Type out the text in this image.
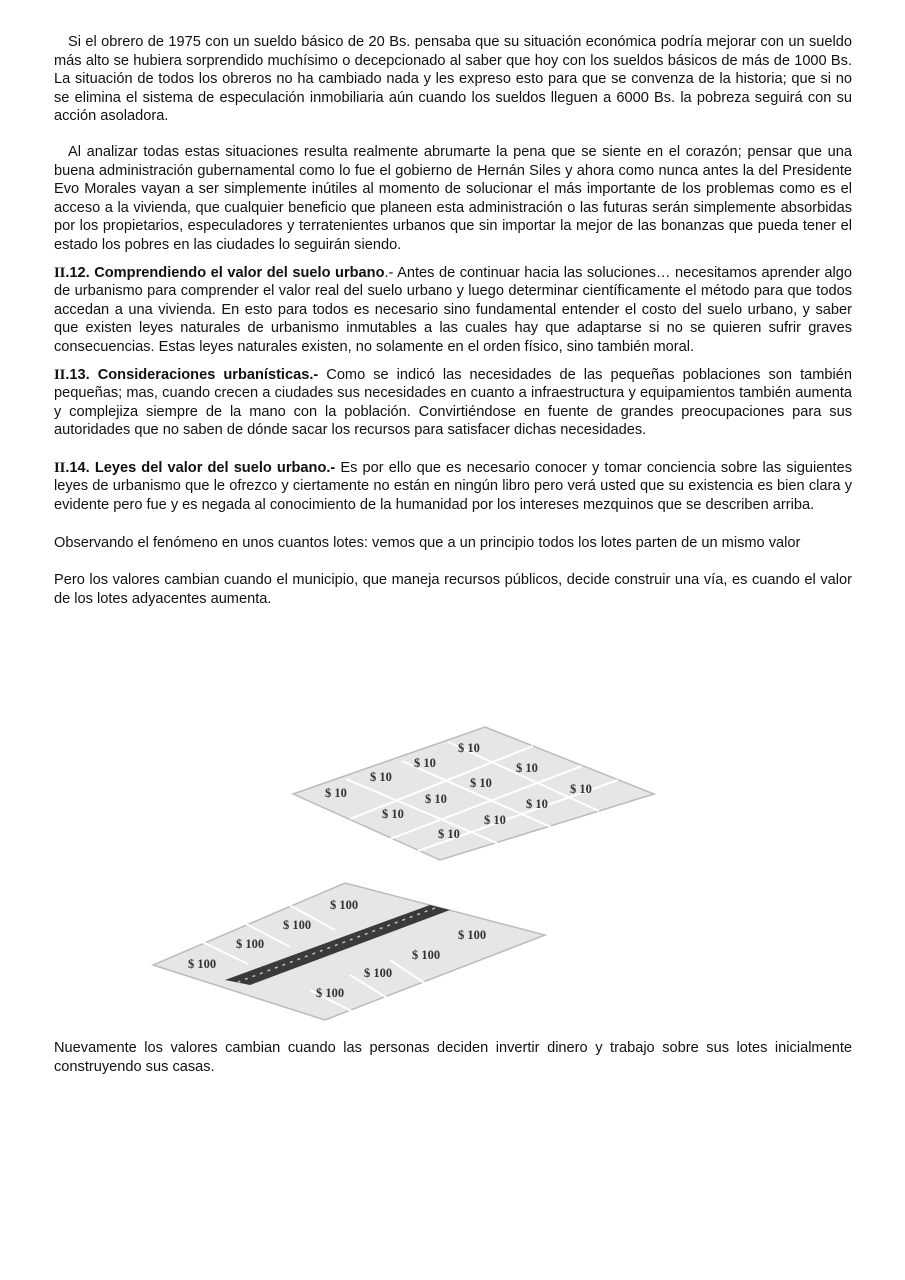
Si el obrero de 1975 con un sueldo básico de 20 Bs. pensaba que su situación económica podría mejorar con un sueldo más alto se hubiera sorprendido muchísimo o decepcionado al saber que hoy con los sueldos básicos de más de 1000 Bs. La situación de todos los obreros no ha cambiado nada y les expreso esto para que se convenza de la historia; que si no se elimina el sistema de especulación inmobiliaria aún cuando los sueldos lleguen a 6000 Bs. la pobreza seguirá con su acción asoladora.

Al analizar todas estas situaciones resulta realmente abrumarte la pena que se siente en el corazón; pensar que una buena administración gubernamental como lo fue el gobierno de Hernán Siles y ahora como nunca antes la del Presidente Evo Morales vayan a ser simplemente inútiles al momento de solucionar el más importante de los problemas como es el acceso a la vivienda, que cualquier beneficio que planeen esta administración o las futuras serán simplemente absorbidas por los propietarios, especuladores y terratenientes urbanos que sin importar la mejor de las bonanzas que pueda tener el estado los pobres en las ciudades lo seguirán siendo.

II.12. Comprendiendo el valor del suelo urbano.- Antes de continuar hacia las soluciones… necesitamos aprender algo de urbanismo para comprender el valor real del suelo urbano y luego determinar científicamente el método para que todos accedan a una vivienda. En esto para todos es necesario sino fundamental entender el costo del suelo urbano, y saber que existen leyes naturales de urbanismo inmutables a las cuales hay que adaptarse si no se quieren sufrir graves consecuencias. Estas leyes naturales existen, no solamente en el orden físico, sino también moral.

II.13. Consideraciones urbanísticas.- Como se indicó las necesidades de las pequeñas poblaciones son también pequeñas; mas, cuando crecen a ciudades sus necesidades en cuanto a infraestructura y equipamientos también aumenta y complejiza siempre de la mano con la población. Convirtiéndose en fuente de grandes preocupaciones para sus autoridades que no saben de dónde sacar los recursos para satisfacer dichas necesidades.

II.14. Leyes del valor del suelo urbano.- Es por ello que es necesario conocer y tomar conciencia sobre las siguientes leyes de urbanismo que le ofrezco y ciertamente no están en ningún libro pero verá usted que su existencia es bien clara y evidente pero fue y es negada al conocimiento de la humanidad por los intereses mezquinos que se describen arriba.

Observando el fenómeno en unos cuantos lotes: vemos que a un principio todos los lotes parten de un mismo valor

Pero los valores cambian cuando el municipio, que maneja recursos públicos, decide construir una vía, es cuando el valor de los lotes adyacentes aumenta.

$ 10
$ 10	$ 10
$ 10
$ 10
$ 10
$ 10
$ 10
$ 10
$ 10
$ 10
$ 10
$ 100
$ 100
$ 100
$ 100
$ 100
$ 100
$ 100
$ 100

Nuevamente los valores cambian cuando las personas deciden invertir dinero y trabajo sobre sus lotes inicialmente construyendo sus casas.
